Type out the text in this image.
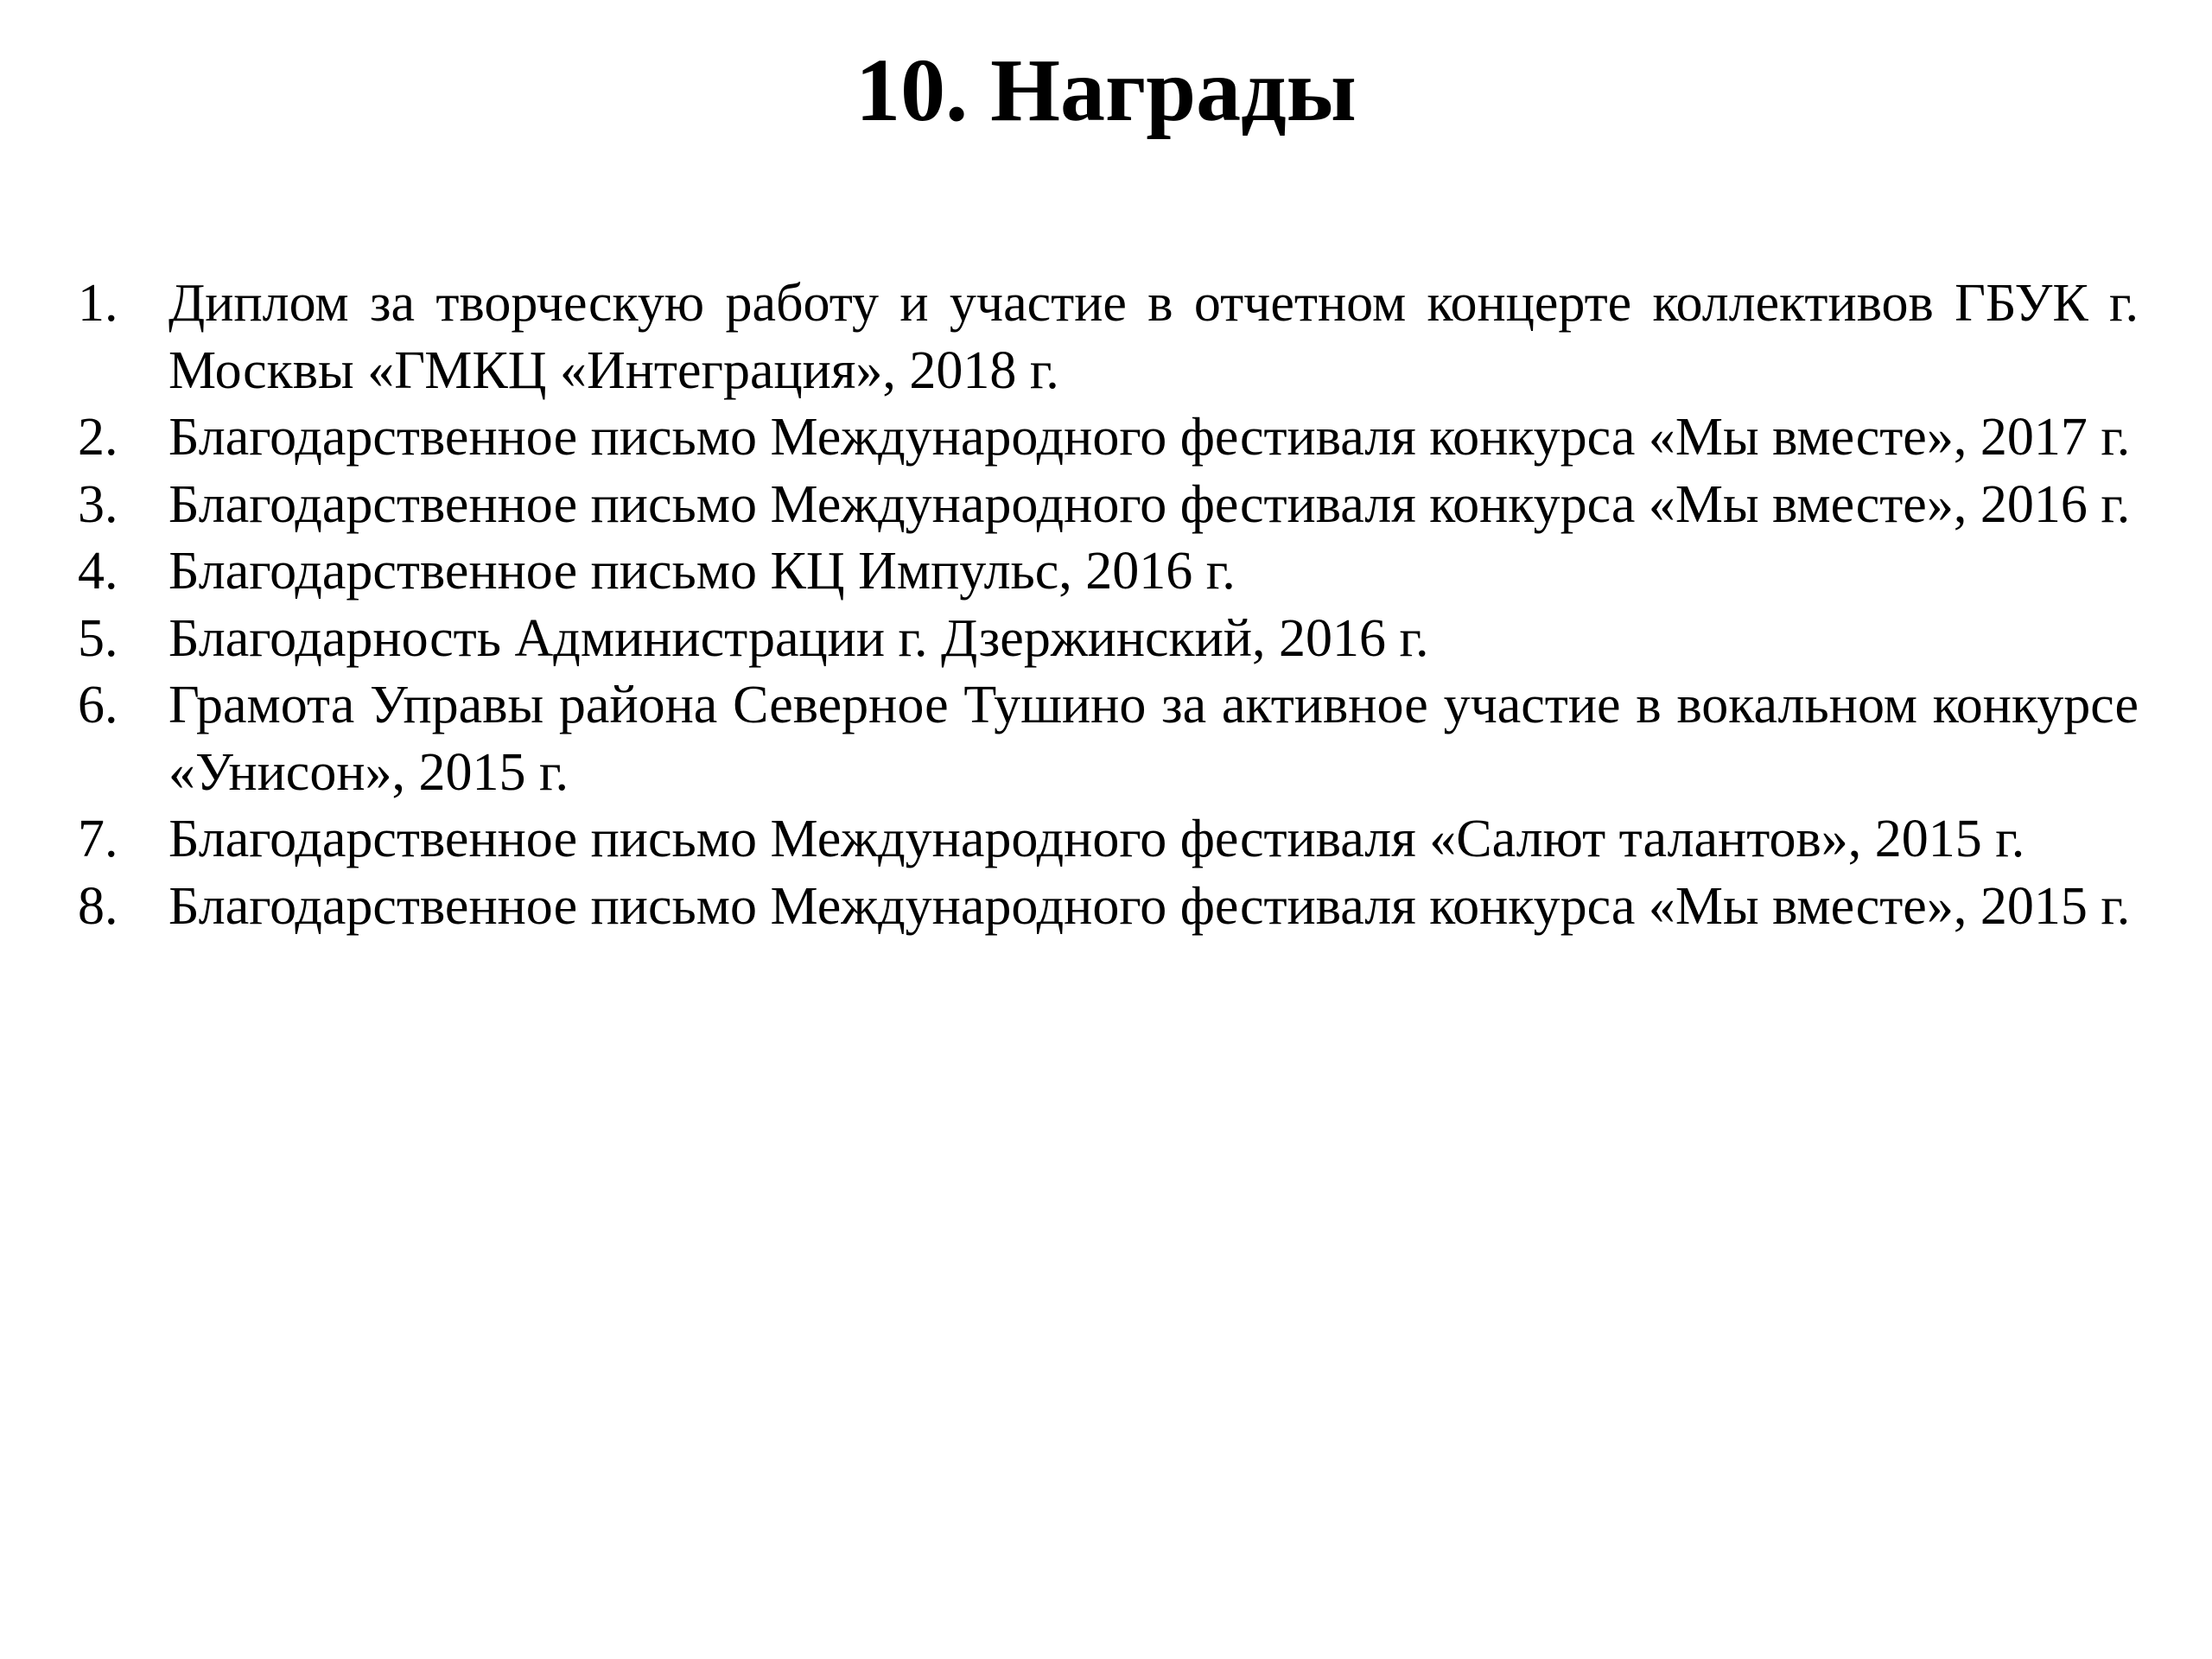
10. Награды
1. Диплом за творческую работу и участие в отчетном концерте коллективов ГБУК г. Москвы «ГМКЦ «Интеграция», 2018 г.
2. Благодарственное письмо Международного фестиваля конкурса «Мы вместе», 2017 г.
3. Благодарственное письмо Международного фестиваля конкурса «Мы вместе», 2016 г.
4. Благодарственное письмо КЦ Импульс, 2016 г.
5. Благодарность Администрации г. Дзержинский, 2016 г.
6. Грамота Управы района Северное Тушино за активное участие в вокальном конкурсе «Унисон», 2015 г.
7. Благодарственное письмо Международного фестиваля «Салют талантов», 2015 г.
8. Благодарственное письмо Международного фестиваля конкурса «Мы вместе», 2015 г.
